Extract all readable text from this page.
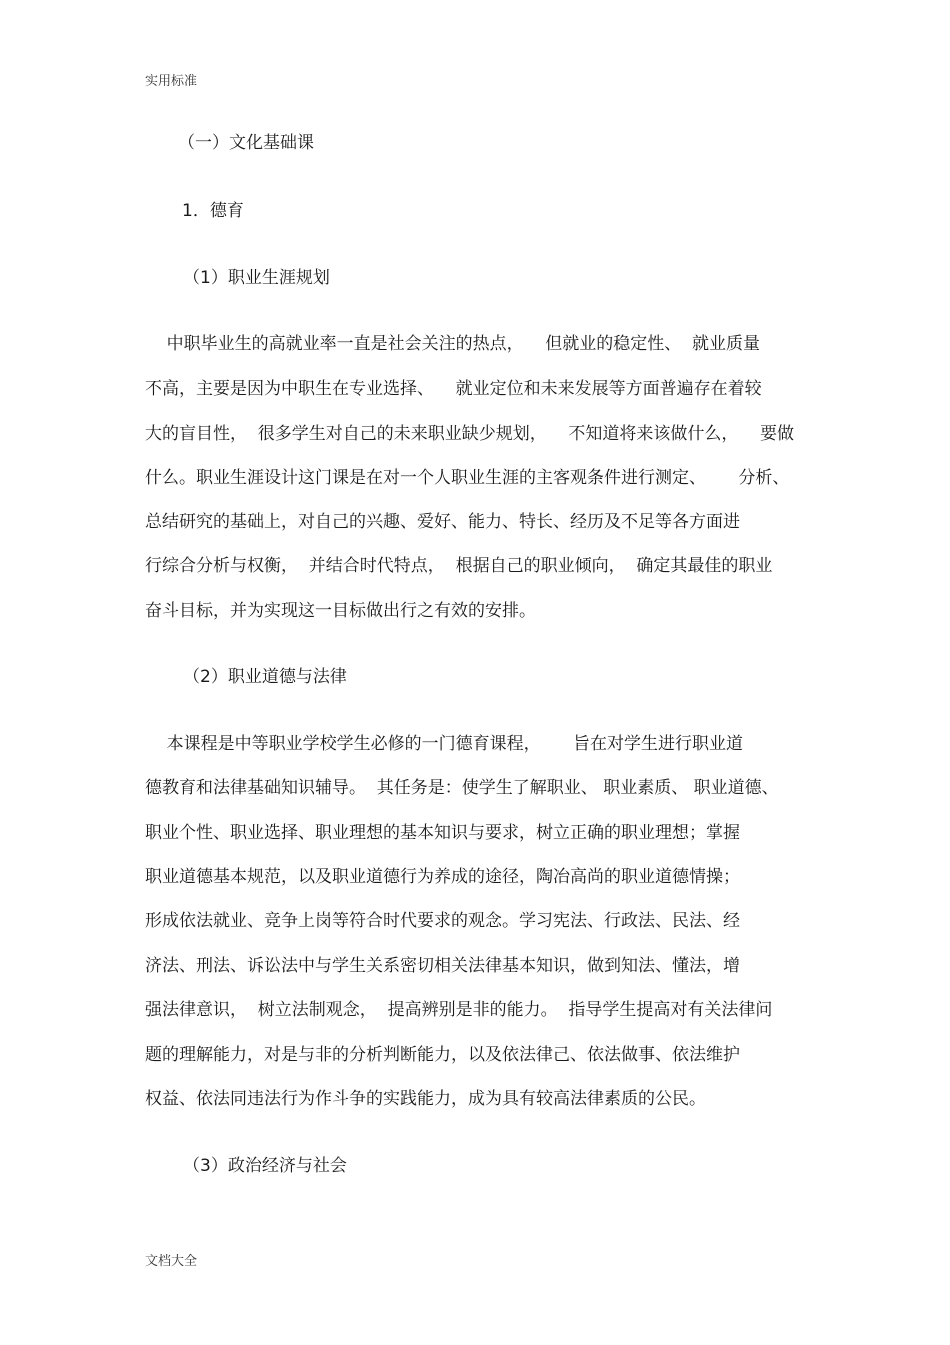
实用标准
（一）文化基础课
1．德育
（1）职业生涯规划
中职毕业生的高就业率一直是社会关注的热点，    但就业的稳定性、  就业质量
不高，主要是因为中职生在专业选择、    就业定位和未来发展等方面普遍存在着较
大的盲目性，  很多学生对自己的未来职业缺少规划，    不知道将来该做什么，    要做
什么。职业生涯设计这门课是在对一个人职业生涯的主客观条件进行测定、      分析、
总结研究的基础上，对自己的兴趣、爱好、能力、特长、经历及不足等各方面进
行综合分析与权衡，  并结合时代特点，  根据自己的职业倾向，  确定其最佳的职业
奋斗目标，并为实现这一目标做出行之有效的安排。
（2）职业道德与法律
本课程是中等职业学校学生必修的一门德育课程，      旨在对学生进行职业道
德教育和法律基础知识辅导。  其任务是：使学生了解职业、 职业素质、 职业道德、
职业个性、职业选择、职业理想的基本知识与要求，树立正确的职业理想；掌握
职业道德基本规范，以及职业道德行为养成的途径，陶冶高尚的职业道德情操；
形成依法就业、竞争上岗等符合时代要求的观念。学习宪法、行政法、民法、经
济法、刑法、诉讼法中与学生关系密切相关法律基本知识，做到知法、懂法，增
强法律意识，  树立法制观念，  提高辨别是非的能力。  指导学生提高对有关法律问
题的理解能力，对是与非的分析判断能力，以及依法律己、依法做事、依法维护
权益、依法同违法行为作斗争的实践能力，成为具有较高法律素质的公民。
（3）政治经济与社会
文档大全
